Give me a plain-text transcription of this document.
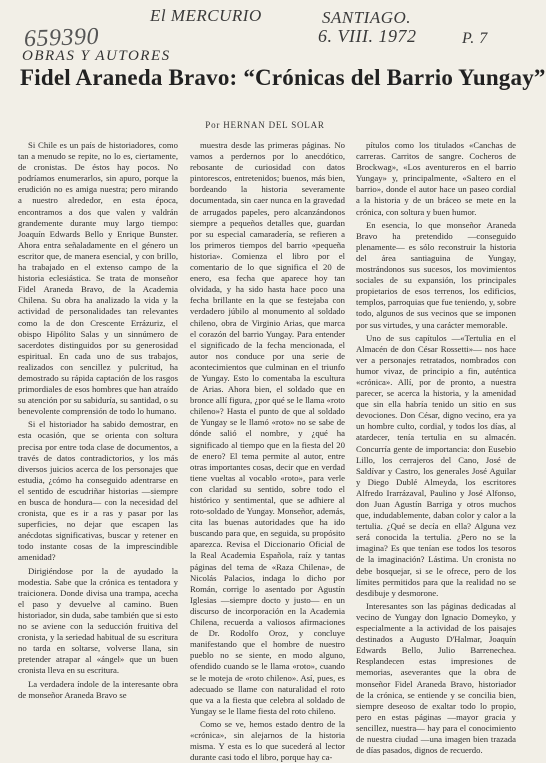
El MERCURIO	SANTIAGO.
659390	6. VIII. 1972	P. 7
OBRAS Y AUTORES
Fidel Araneda Bravo: “Crónicas del Barrio Yungay”
Por HERNAN DEL SOLAR

Si Chile es un país de historiadores, como tan a menudo se repite, no lo es, ciertamente, de cronistas. De éstos hay pocos. No podríamos enumerarlos, sin apuro, porque la erudición no es amiga nuestra; pero mirando a nuestro alrededor, en esta época, encontramos a dos que valen y valdrán grandemente durante muy largo tiempo: Joaquín Edwards Bello y Enrique Bunster. Ahora entra señaladamente en el género un escritor que, de manera esencial, y con brillo, ha trabajado en el extenso campo de la historia eclesiástica. Se trata de monseñor Fidel Araneda Bravo, de la Academia Chilena. Su obra ha analizado la vida y la actividad de personalidades tan relevantes como la de don Crescente Errázuriz, el obispo Hipólito Salas y un sinnúmero de sacerdotes distinguidos por su generosidad espiritual. En cada uno de sus trabajos, realizados con sencillez y pulcritud, ha demostrado su rápida captación de los rasgos primordiales de esos hombres que han atraído su atención por su sabiduría, su santidad, o su benevolente comprensión de todo lo humano.

Si el historiador ha sabido demostrar, en esta ocasión, que se orienta con soltura precisa por entre toda clase de documentos, a través de datos contradictorios, y los más diversos juicios acerca de los personajes que estudia, ¿cómo ha conseguido adentrarse en el sentido de escudriñar historias —siempre en busca de hondura— con la necesidad del cronista, que es ir a ras y pasar por las superficies, no dejar que escapen las anécdotas significativas, buscar y retener en todo instante cosas de la imprescindible amenidad?

Dirigiéndose por la de ayudado la modestia. Sabe que la crónica es tentadora y traicionera. Donde divisa una trampa, acecha el paso y devuelve al camino. Buen historiador, sin duda, sabe también que si esto no se aviene con la seducción fruitiva del cronista, y la seriedad habitual de su escritura no tarda en soltarse, volverse llana, sin pretender atrapar al «ángel» que un buen cronista lleva en su escritura.

La verdadera índole de la interesante obra de monseñor Araneda Bravo se

muestra desde las primeras páginas. No vamos a perdernos por lo anecdótico, rebosante de curiosidad con datos pintorescos, entretenidos; buenos, más bien, bordeando la historia severamente documentada, sin caer nunca en la gravedad de arrugados papeles, pero alcanzándonos siempre a pequeños detalles que, guardan por su especial camaradería, se refieren a los primeros tiempos del barrio «pequeña historia». Comienza el libro por el comentario de lo que significa el 20 de enero, esa fecha que aparece hoy tan olvidada, y ha sido hasta hace poco una fecha brillante en la que se festejaba con verdadero júbilo al monumento al soldado chileno, obra de Virginio Arias, que marca el corazón del barrio Yungay. Para entender el significado de la fecha mencionada, el autor nos conduce por una serie de acontecimientos que culminan en el triunfo de Yungay. Esto lo comentaba la escultura de Arias. Ahora bien, el soldado que en bronce allí figura, ¿por qué se le llama «roto chileno»? Hasta el punto de que al soldado de Yungay se le llamó «roto» no se sabe de dónde salió el nombre, y ¿qué ha significado al tiempo que en la fiesta del 20 de enero? El tema permite al autor, entre otras importantes cosas, decir que en verdad tiene vueltas al vocablo «roto», para verle con claridad su sentido, sobre todo el histórico y sentimental, que se adhiere al roto-soldado de Yungay. Monseñor, además, cita las buenas autoridades que ha ido buscando para que, en seguida, su propósito aparezca. Revisa el Diccionario Oficial de la Real Academia Española, raíz y tantas páginas del tema de «Raza Chilena», de Nicolás Palacios, indaga lo dicho por Román, corrige lo asentado por Agustín Iglesias —siempre docto y justo— en un discurso de incorporación en la Academia Chilena, recuerda a valiosos afirmaciones de Dr. Rodolfo Oroz, y concluye manifestando que el hombre de nuestro pueblo no se siente, en modo alguno, ofendido cuando se le llama «roto», cuando se le moteja de «roto chileno». Así, pues, es adecuado se llame con naturalidad el roto que va a la fiesta que celebra al soldado de Yungay se le llame fiesta del roto chileno.

Como se ve, hemos estado dentro de la «crónica», sin alejarnos de la historia misma. Y esta es lo que sucederá al lector durante casi todo el libro, porque hay ca-

pítulos como los titulados «Canchas de carreras. Carritos de sangre. Cocheros de Brockwag», «Los aventureros en el barrio Yungay» y, principalmente, «Saltero en el barrio», donde el autor hace un paseo cordial a la historia y de un bráceo se mete en la crónica, con soltura y buen humor.

En esencia, lo que monseñor Araneda Bravo ha pretendido —conseguido plenamente— es sólo reconstruir la historia del área santiaguina de Yungay, mostrándonos sus sucesos, los movimientos sociales de su expansión, los principales propietarios de esos terrenos, los edificios, templos, parroquias que fue teniendo, y, sobre todo, algunos de sus vecinos que se imponen por sus virtudes, y una carácter memorable.

Uno de sus capítulos —«Tertulia en el Almacén de don César Rossetti»— nos hace ver a personajes retratados, nombrados con humor vivaz, de principio a fin, auténtica «crónica». Allí, por de pronto, a nuestra parecer, se acerca la historia, y la amenidad que sin ella habría tenido un sitio en sus devociones. Don César, digno vecino, era ya un hombre culto, cordial, y todos los días, al atardecer, tenía tertulia en su almacén. Concurría gente de importancia: don Eusebio Lillo, los cerrajeros del Cano, José de Saldívar y Castro, los generales José Aguilar y Diego Dublé Almeyda, los escritores Alfredo Irarrázaval, Paulino y José Alfonso, don Juan Agustín Barriga y otros muchos que, indudablemente, daban color y calor a la tertulia. ¿Qué se decía en ella? Alguna vez será conocida la tertulia. ¿Pero no se la imagina? Es que tenían ese todos los tesoros de la imaginación? Lástima. Un cronista no debe bosquejar, si se le ofrece, pero de los límites permitidos para que la realidad no se desdibuje y desmorone.

Interesantes son las páginas dedicadas al vecino de Yungay don Ignacio Domeyko, y especialmente a la actividad de los paisajes destinados a Augusto D'Halmar, Joaquín Edwards Bello, Julio Barrenechea. Resplandecen estas impresiones de memorias, aseverantes que la obra de monseñor Fidel Araneda Bravo, historiador de la crónica, se entiende y se concilia bien, siempre deseoso de exaltar todo lo propio, pero en estas páginas —mayor gracia y sencillez, nuestra— hay para el conocimiento de nuestra ciudad —una imagen bien trazada de días pasados, dignos de recuerdo.
